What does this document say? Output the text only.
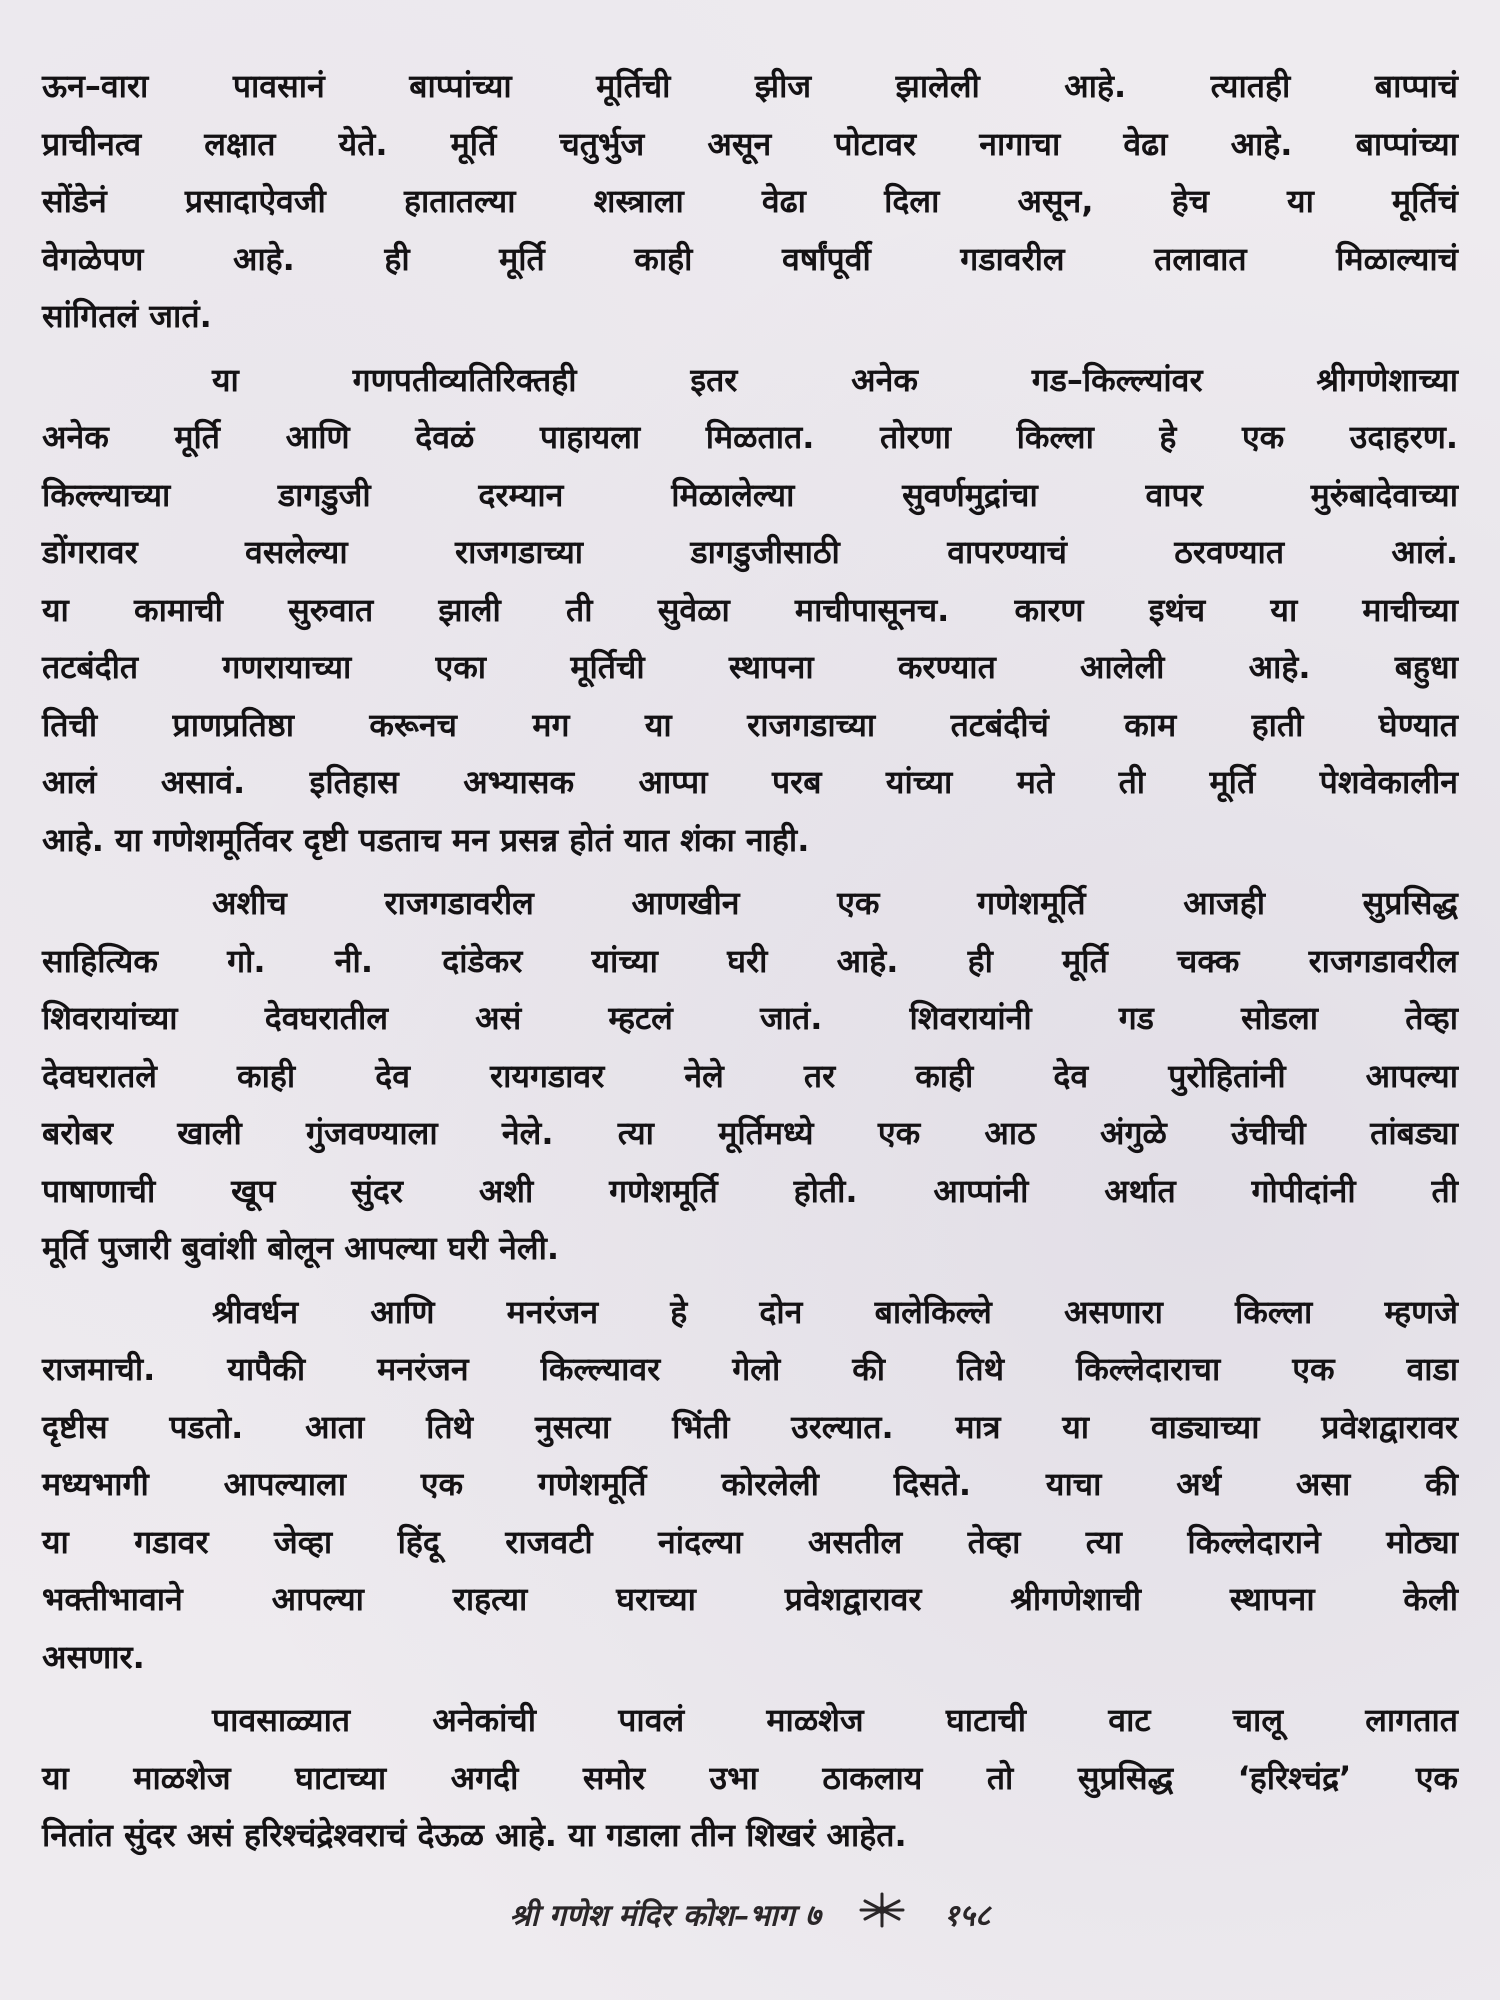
ऊन–वारा पावसानं बाप्पांच्या मूर्तिची झीज झालेली आहे. त्यातही बाप्पाचं

प्राचीनत्व लक्षात येते. मूर्ति चतुर्भुज असून पोटावर नागाचा वेढा आहे. बाप्पांच्या

सोंडेनं प्रसादाऐवजी हातातल्या शस्त्राला वेढा दिला असून, हेच या मूर्तिचं

वेगळेपण आहे. ही मूर्ति काही वर्षांपूर्वी गडावरील तलावात मिळाल्याचं

सांगितलं जातं.

या गणपतीव्यतिरिक्तही इतर अनेक गड–किल्ल्यांवर श्रीगणेशाच्या

अनेक मूर्ति आणि देवळं पाहायला मिळतात. तोरणा किल्ला हे एक उदाहरण.

किल्ल्याच्या डागडुजी दरम्यान मिळालेल्या सुवर्णमुद्रांचा वापर मुरुंबादेवाच्या

डोंगरावर वसलेल्या राजगडाच्या डागडुजीसाठी वापरण्याचं ठरवण्यात आलं.

या कामाची सुरुवात झाली ती सुवेळा माचीपासूनच. कारण इथंच या माचीच्या

तटबंदीत गणरायाच्या एका मूर्तिची स्थापना करण्यात आलेली आहे. बहुधा

तिची प्राणप्रतिष्ठा करूनच मग या राजगडाच्या तटबंदीचं काम हाती घेण्यात

आलं असावं. इतिहास अभ्यासक आप्पा परब यांच्या मते ती मूर्ति पेशवेकालीन

आहे. या गणेशमूर्तिवर दृष्टी पडताच मन प्रसन्न होतं यात शंका नाही.

अशीच राजगडावरील आणखीन एक गणेशमूर्ति आजही सुप्रसिद्ध

साहित्यिक गो. नी. दांडेकर यांच्या घरी आहे. ही मूर्ति चक्क राजगडावरील

शिवरायांच्या देवघरातील असं म्हटलं जातं. शिवरायांनी गड सोडला तेव्हा

देवघरातले काही देव रायगडावर नेले तर काही देव पुरोहितांनी आपल्या

बरोबर खाली गुंजवण्याला नेले. त्या मूर्तिमध्ये एक आठ अंगुळे उंचीची तांबड्या

पाषाणाची खूप सुंदर अशी गणेशमूर्ति होती. आप्पांनी अर्थात गोपीदांनी ती

मूर्ति पुजारी बुवांशी बोलून आपल्या घरी नेली.

श्रीवर्धन आणि मनरंजन हे दोन बालेकिल्ले असणारा किल्ला म्हणजे

राजमाची. यापैकी मनरंजन किल्ल्यावर गेलो की तिथे किल्लेदाराचा एक वाडा

दृष्टीस पडतो. आता तिथे नुसत्या भिंती उरल्यात. मात्र या वाड्याच्या प्रवेशद्वारावर

मध्यभागी आपल्याला एक गणेशमूर्ति कोरलेली दिसते. याचा अर्थ असा की

या गडावर जेव्हा हिंदू राजवटी नांदल्या असतील तेव्हा त्या किल्लेदाराने मोठ्या

भक्तीभावाने आपल्या राहत्या घराच्या प्रवेशद्वारावर श्रीगणेशाची स्थापना केली

असणार.

पावसाळ्यात अनेकांची पावलं माळशेज घाटाची वाट चालू लागतात

या माळशेज घाटाच्या अगदी समोर उभा ठाकलाय तो सुप्रसिद्ध ‘हरिश्चंद्र’ एक

नितांत सुंदर असं हरिश्चंद्रेश्वराचं देऊळ आहे. या गडाला तीन शिखरं आहेत.

श्री गणेश मंदिर कोश–भाग ७	१५८
